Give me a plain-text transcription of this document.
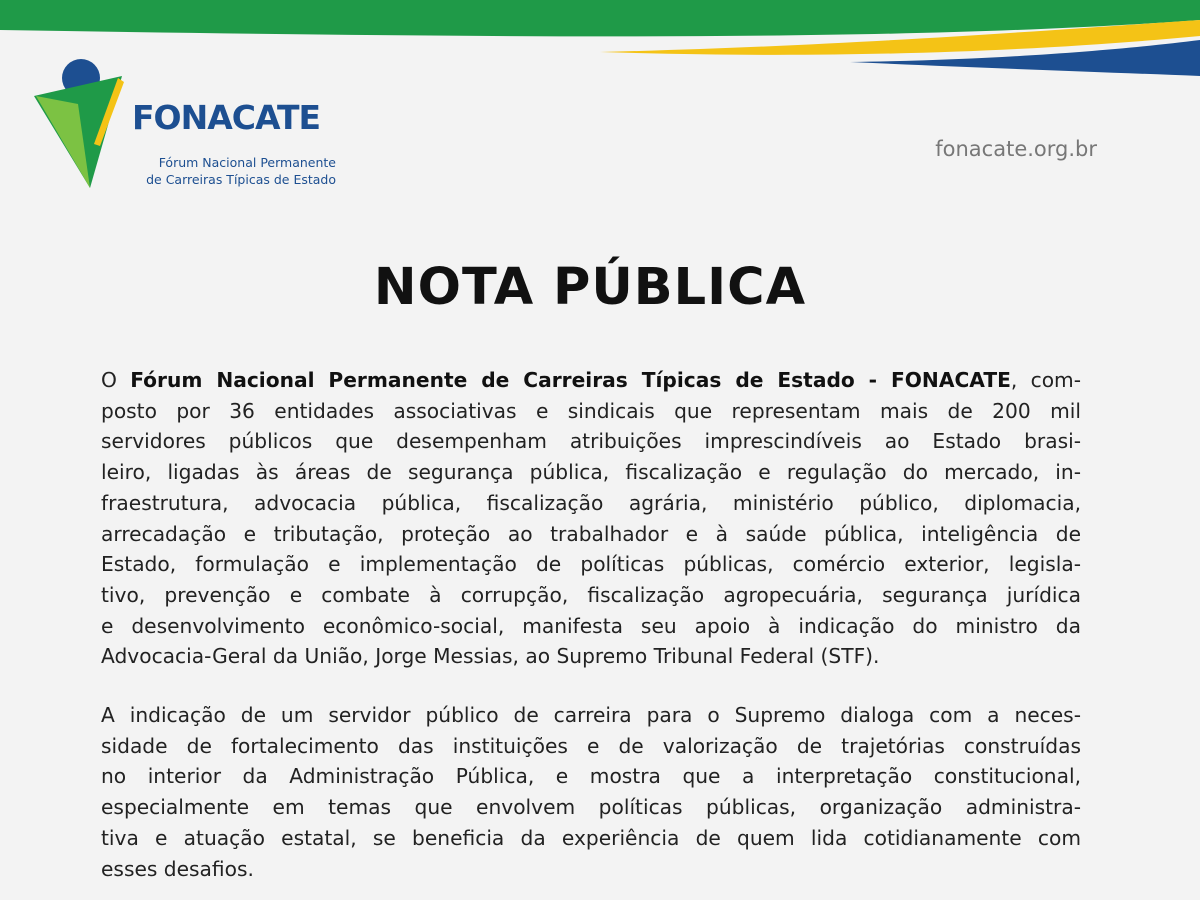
FONACATE
Fórum Nacional Permanente
de Carreiras Típicas de Estado
fonacate.org.br
NOTA PÚBLICA
O Fórum Nacional Permanente de Carreiras Típicas de Estado - FONACATE, com-
posto por 36 entidades associativas e sindicais que representam mais de 200 mil
servidores públicos que desempenham atribuições imprescindíveis ao Estado brasi-
leiro, ligadas às áreas de segurança pública, fiscalização e regulação do mercado, in-
fraestrutura, advocacia pública, fiscalização agrária, ministério público, diplomacia,
arrecadação e tributação, proteção ao trabalhador e à saúde pública, inteligência de
Estado, formulação e implementação de políticas públicas, comércio exterior, legisla-
tivo, prevenção e combate à corrupção, fiscalização agropecuária, segurança jurídica
e desenvolvimento econômico-social, manifesta seu apoio à indicação do ministro da
Advocacia-Geral da União, Jorge Messias, ao Supremo Tribunal Federal (STF).
A indicação de um servidor público de carreira para o Supremo dialoga com a neces-
sidade de fortalecimento das instituições e de valorização de trajetórias construídas
no interior da Administração Pública, e mostra que a interpretação constitucional,
especialmente em temas que envolvem políticas públicas, organização administra-
tiva e atuação estatal, se beneficia da experiência de quem lida cotidianamente com
esses desafios.
